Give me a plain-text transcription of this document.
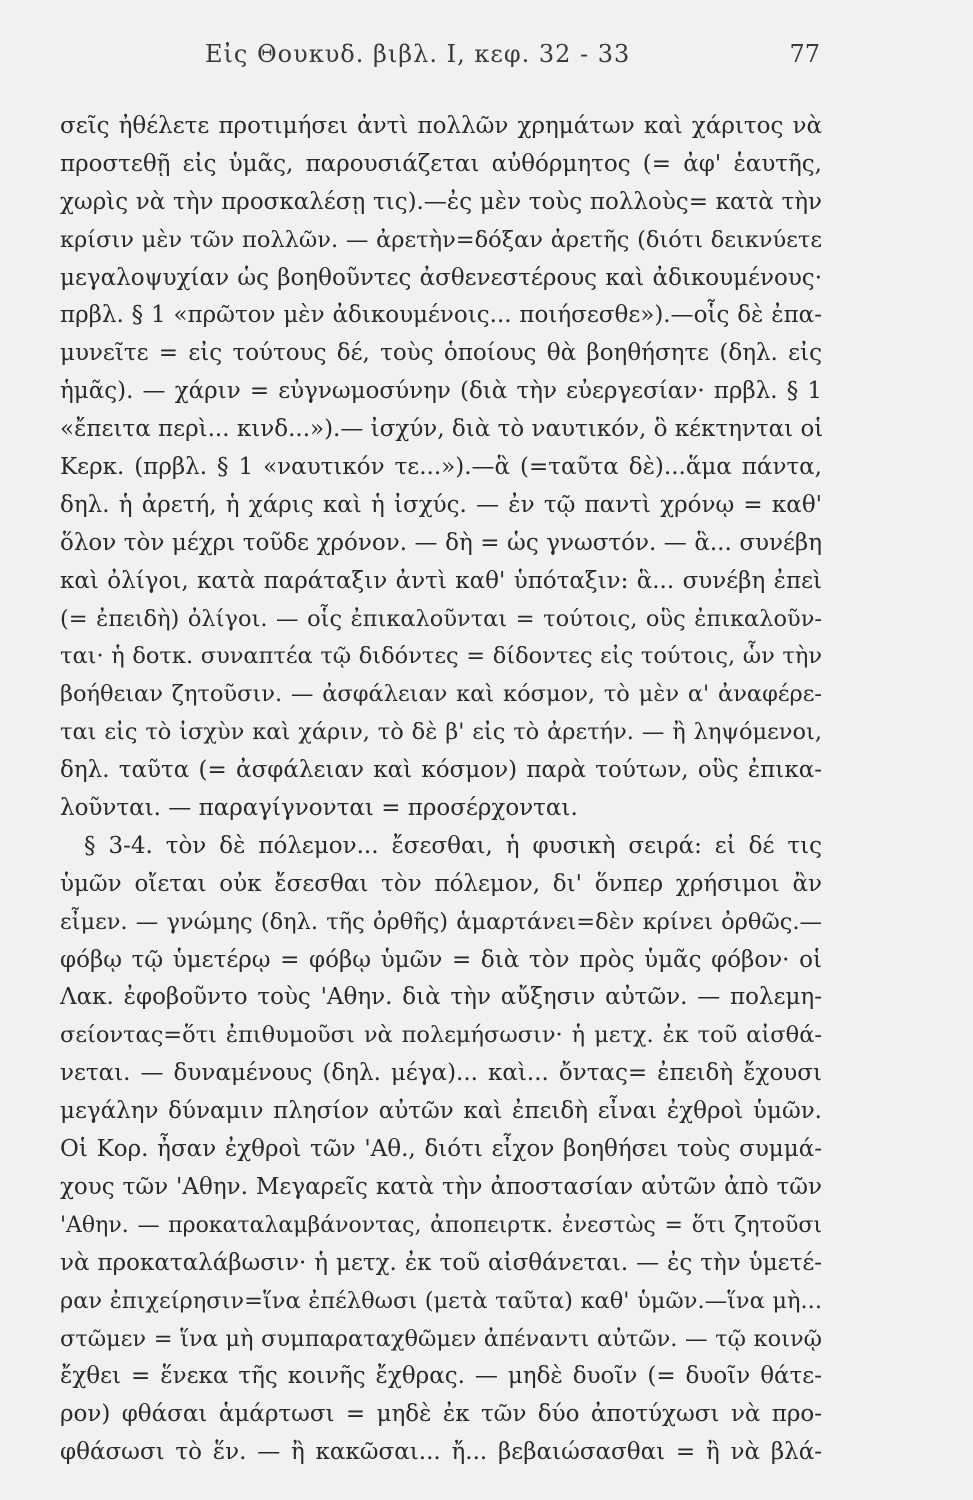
Εἰς Θουκυδ. βιβλ. Ι, κεφ. 32 - 33	77
σεῖς ἠθέλετε προτιμήσει ἀντὶ πολλῶν χρημάτων καὶ χάριτος νὰ
προστεθῇ εἰς ὑμᾶς, παρουσιάζεται αὐθόρμητος (= ἀφ' ἑαυτῆς,
χωρὶς νὰ τὴν προσκαλέσῃ τις).—ἐς μὲν τοὺς πολλοὺς= κατὰ τὴν
κρίσιν μὲν τῶν πολλῶν. — ἀρετὴν=δόξαν ἀρετῆς (διότι δεικνύετε
μεγαλοψυχίαν ὡς βοηθοῦντες ἀσθενεστέρους καὶ ἀδικουμένους·
πρβλ. § 1 «πρῶτον μὲν ἀδικουμένοις... ποιήσεσθε»).—οἷς δὲ ἐπα-
μυνεῖτε = εἰς τούτους δέ, τοὺς ὁποίους θὰ βοηθήσητε (δηλ. εἰς
ἡμᾶς). — χάριν = εὐγνωμοσύνην (διὰ τὴν εὐεργεσίαν· πρβλ. § 1
«ἔπειτα περὶ... κινδ...»).— ἰσχύν, διὰ τὸ ναυτικόν, ὃ κέκτηνται οἱ
Κερκ. (πρβλ. § 1 «ναυτικόν τε...»).—ἃ (=ταῦτα δὲ)...ἅμα πάντα,
δηλ. ἡ ἀρετή, ἡ χάρις καὶ ἡ ἰσχύς. — ἐν τῷ παντὶ χρόνῳ = καθ'
ὅλον τὸν μέχρι τοῦδε χρόνον. — δὴ = ὡς γνωστόν. — ἃ... συνέβη
καὶ ὀλίγοι, κατὰ παράταξιν ἀντὶ καθ' ὑπόταξιν: ἃ... συνέβη ἐπεὶ
(= ἐπειδὴ) ὀλίγοι. — οἷς ἐπικαλοῦνται = τούτοις, οὓς ἐπικαλοῦν-
ται· ἡ δοτκ. συναπτέα τῷ διδόντες = δίδοντες εἰς τούτοις, ὧν τὴν
βοήθειαν ζητοῦσιν. — ἀσφάλειαν καὶ κόσμον, τὸ μὲν α' ἀναφέρε-
ται εἰς τὸ ἰσχὺν καὶ χάριν, τὸ δὲ β' εἰς τὸ ἀρετήν. — ἢ ληψόμενοι,
δηλ. ταῦτα (= ἀσφάλειαν καὶ κόσμον) παρὰ τούτων, οὓς ἐπικα-
λοῦνται. — παραγίγνονται = προσέρχονται.
§ 3-4. τὸν δὲ πόλεμον... ἔσεσθαι, ἡ φυσικὴ σειρά: εἰ δέ τις
ὑμῶν οἴεται οὐκ ἔσεσθαι τὸν πόλεμον, δι' ὅνπερ χρήσιμοι ἂν
εἶμεν. — γνώμης (δηλ. τῆς ὀρθῆς) ἁμαρτάνει=δὲν κρίνει ὀρθῶς.—
φόβῳ τῷ ὑμετέρῳ = φόβῳ ὑμῶν = διὰ τὸν πρὸς ὑμᾶς φόβον· οἱ
Λακ. ἐφοβοῦντο τοὺς 'Αθην. διὰ τὴν αὔξησιν αὐτῶν. — πολεμη-
σείοντας=ὅτι ἐπιθυμοῦσι νὰ πολεμήσωσιν· ἡ μετχ. ἐκ τοῦ αἰσθά-
νεται. — δυναμένους (δηλ. μέγα)... καὶ... ὄντας= ἐπειδὴ ἔχουσι
μεγάλην δύναμιν πλησίον αὐτῶν καὶ ἐπειδὴ εἶναι ἐχθροὶ ὑμῶν.
Οἱ Κορ. ἦσαν ἐχθροὶ τῶν 'Αθ., διότι εἶχον βοηθήσει τοὺς συμμά-
χους τῶν 'Αθην. Μεγαρεῖς κατὰ τὴν ἀποστασίαν αὐτῶν ἀπὸ τῶν
'Αθην. — προκαταλαμβάνοντας, ἀποπειρτκ. ἐνεστὼς = ὅτι ζητοῦσι
νὰ προκαταλάβωσιν· ἡ μετχ. ἐκ τοῦ αἰσθάνεται. — ἐς τὴν ὑμετέ-
ραν ἐπιχείρησιν=ἵνα ἐπέλθωσι (μετὰ ταῦτα) καθ' ὑμῶν.—ἵνα μὴ...
στῶμεν = ἵνα μὴ συμπαραταχθῶμεν ἀπέναντι αὐτῶν. — τῷ κοινῷ
ἔχθει = ἕνεκα τῆς κοινῆς ἔχθρας. — μηδὲ δυοῖν (= δυοῖν θάτε-
ρον) φθάσαι ἁμάρτωσι = μηδὲ ἐκ τῶν δύο ἀποτύχωσι νὰ προ-
φθάσωσι τὸ ἕν. — ἢ κακῶσαι... ἤ... βεβαιώσασθαι = ἢ νὰ βλά-
